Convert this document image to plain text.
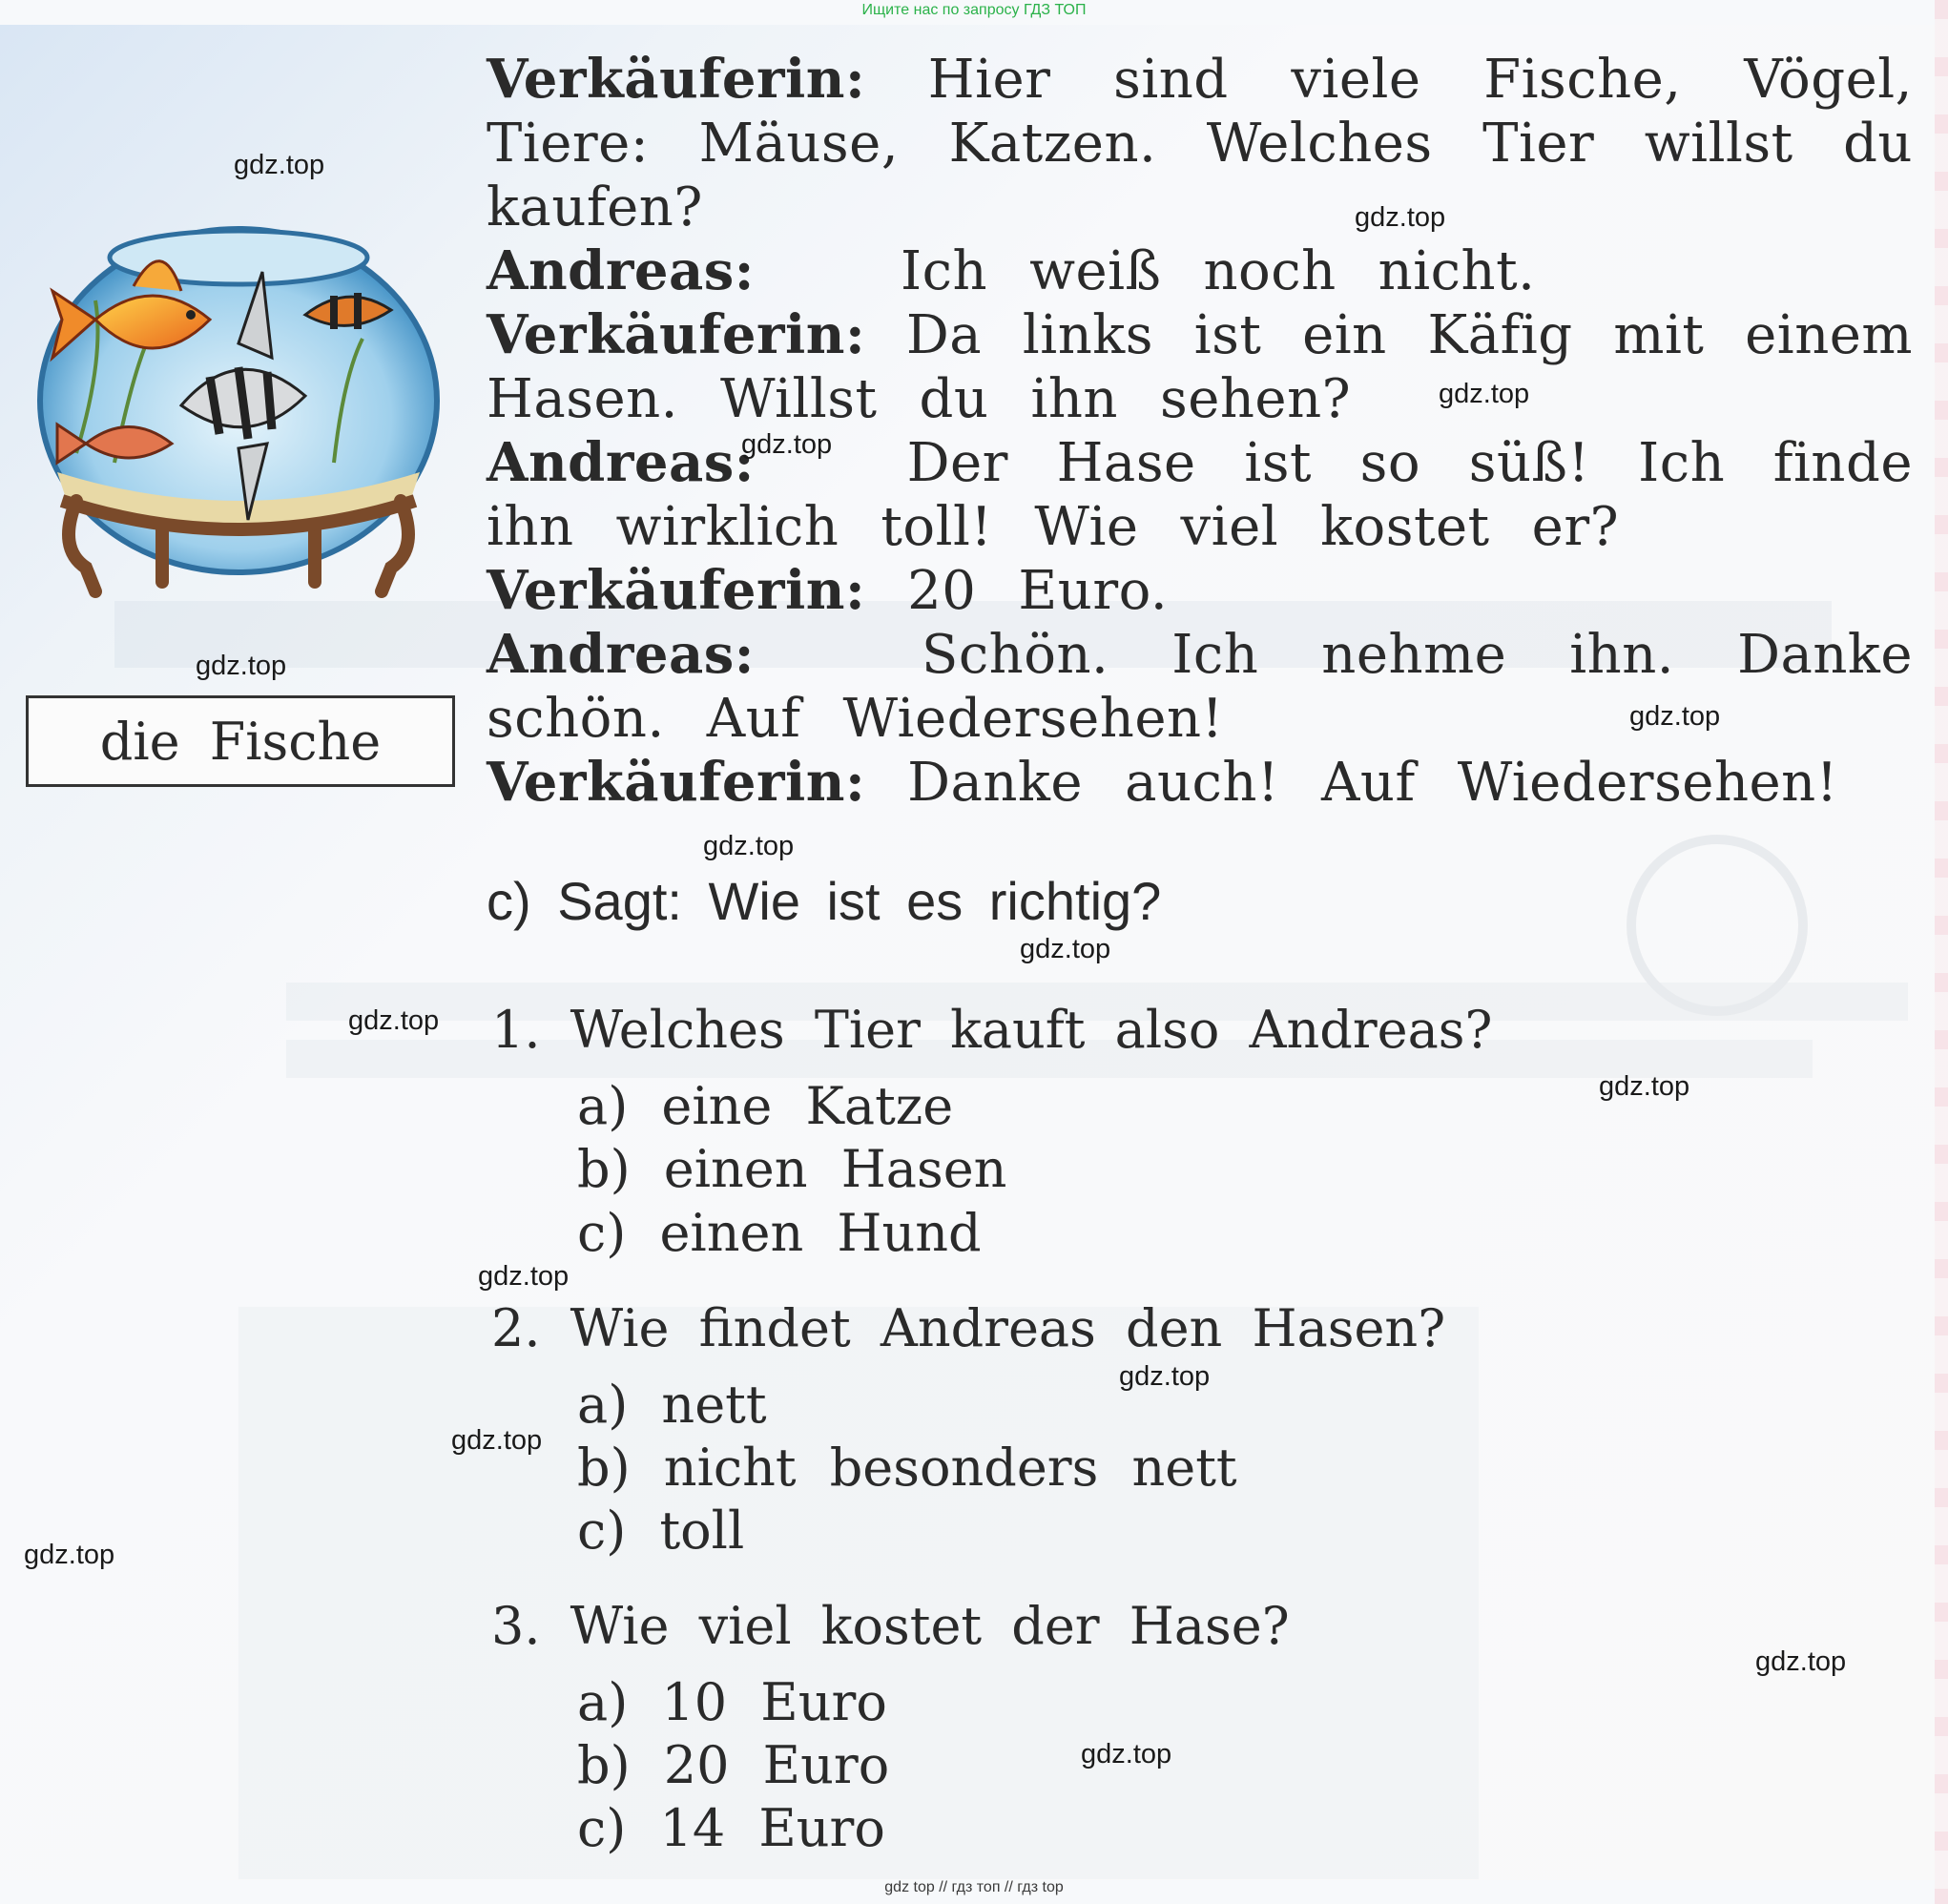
Ищите нас по запросу ГДЗ ТОП
die Fische
Verkäuferin: Hier sind viele Fische, Vögel,
Tiere: Mäuse, Katzen. Welches Tier willst du
kaufen?
Andreas:	Ich weiß noch nicht.
Verkäuferin: Da links ist ein Käfig mit einem
Hasen. Willst du ihn sehen?
Andreas:	Der Hase ist so süß! Ich finde
ihn wirklich toll! Wie viel kostet er?
Verkäuferin: 20 Euro.
Andreas:	Schön. Ich nehme ihn. Danke
schön. Auf Wiedersehen!
Verkäuferin: Danke auch! Auf Wiedersehen!
c) Sagt: Wie ist es richtig?
1. Welches Tier kauft also Andreas?
a) eine Katze
b) einen Hasen
c) einen Hund
2. Wie findet Andreas den Hasen?
a) nett
b) nicht besonders nett
c) toll
3. Wie viel kostet der Hase?
a) 10 Euro
b) 20 Euro
c) 14 Euro
gdz.top
gdz.top
gdz.top
gdz.top
gdz.top
gdz.top
gdz.top
gdz.top
gdz.top
gdz.top
gdz.top
gdz.top
gdz.top
gdz.top
gdz.top
gdz.top
gdz top // гдз топ // гдз top
